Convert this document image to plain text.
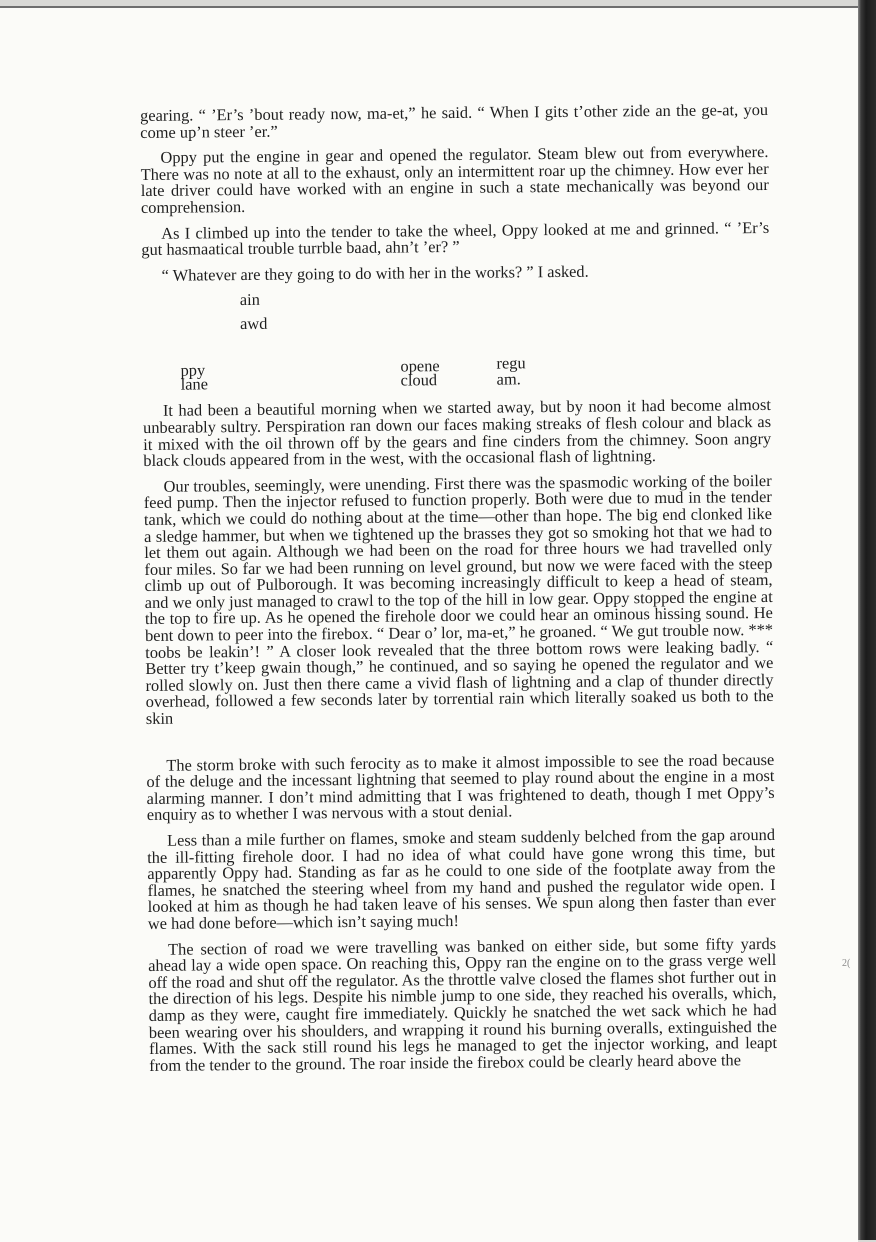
gearing. “ ’Er’s ’bout ready now, ma-et,” he said. “ When I gits t’other zide an the ge-at, you come up’n steer ’er.”

Oppy put the engine in gear and opened the regulator. Steam blew out from everywhere. There was no note at all to the exhaust, only an intermittent roar up the chimney. How ever her late driver could have worked with an engine in such a state mechanically was beyond our comprehension.

As I climbed up into the tender to take the wheel, Oppy looked at me and grinned. “ ’Er’s gut hasmaatical trouble turrble baad, ahn’t ’er? ”

“ Whatever are they going to do with her in the works? ” I asked.

ain
awd
ppy
lane
opene
cloud
regu
am.

It had been a beautiful morning when we started away, but by noon it had become almost unbearably sultry. Perspiration ran down our faces making streaks of flesh colour and black as it mixed with the oil thrown off by the gears and fine cinders from the chimney. Soon angry black clouds appeared from in the west, with the occasional flash of lightning.

Our troubles, seemingly, were unending. First there was the spasmodic working of the boiler feed pump. Then the injector refused to function properly. Both were due to mud in the tender tank, which we could do nothing about at the time—other than hope. The big end clonked like a sledge hammer, but when we tightened up the brasses they got so smoking hot that we had to let them out again. Although we had been on the road for three hours we had travelled only four miles. So far we had been running on level ground, but now we were faced with the steep climb up out of Pulborough. It was becoming increasingly difficult to keep a head of steam, and we only just managed to crawl to the top of the hill in low gear. Oppy stopped the engine at the top to fire up. As he opened the firehole door we could hear an ominous hissing sound. He bent down to peer into the firebox. “ Dear o’ lor, ma-et,” he groaned. “ We gut trouble now. *** toobs be leakin’! ” A closer look revealed that the three bottom rows were leaking badly. “ Better try t’keep gwain though,” he continued, and so saying he opened the regulator and we rolled slowly on. Just then there came a vivid flash of lightning and a clap of thunder directly overhead, followed a few seconds later by torrential rain which literally soaked us both to the skin

The storm broke with such ferocity as to make it almost impossible to see the road because of the deluge and the incessant lightning that seemed to play round about the engine in a most alarming manner. I don’t mind admitting that I was frightened to death, though I met Oppy’s enquiry as to whether I was nervous with a stout denial.

Less than a mile further on flames, smoke and steam suddenly belched from the gap around the ill-fitting firehole door. I had no idea of what could have gone wrong this time, but apparently Oppy had. Standing as far as he could to one side of the footplate away from the flames, he snatched the steering wheel from my hand and pushed the regulator wide open. I looked at him as though he had taken leave of his senses. We spun along then faster than ever we had done before—which isn’t saying much!

The section of road we were travelling was banked on either side, but some fifty yards ahead lay a wide open space. On reaching this, Oppy ran the engine on to the grass verge well off the road and shut off the regulator. As the throttle valve closed the flames shot further out in the direction of his legs. Despite his nimble jump to one side, they reached his overalls, which, damp as they were, caught fire immediately. Quickly he snatched the wet sack which he had been wearing over his shoulders, and wrapping it round his burning overalls, extinguished the flames. With the sack still round his legs he managed to get the injector working, and leapt from the tender to the ground. The roar inside the firebox could be clearly heard above the

2(
